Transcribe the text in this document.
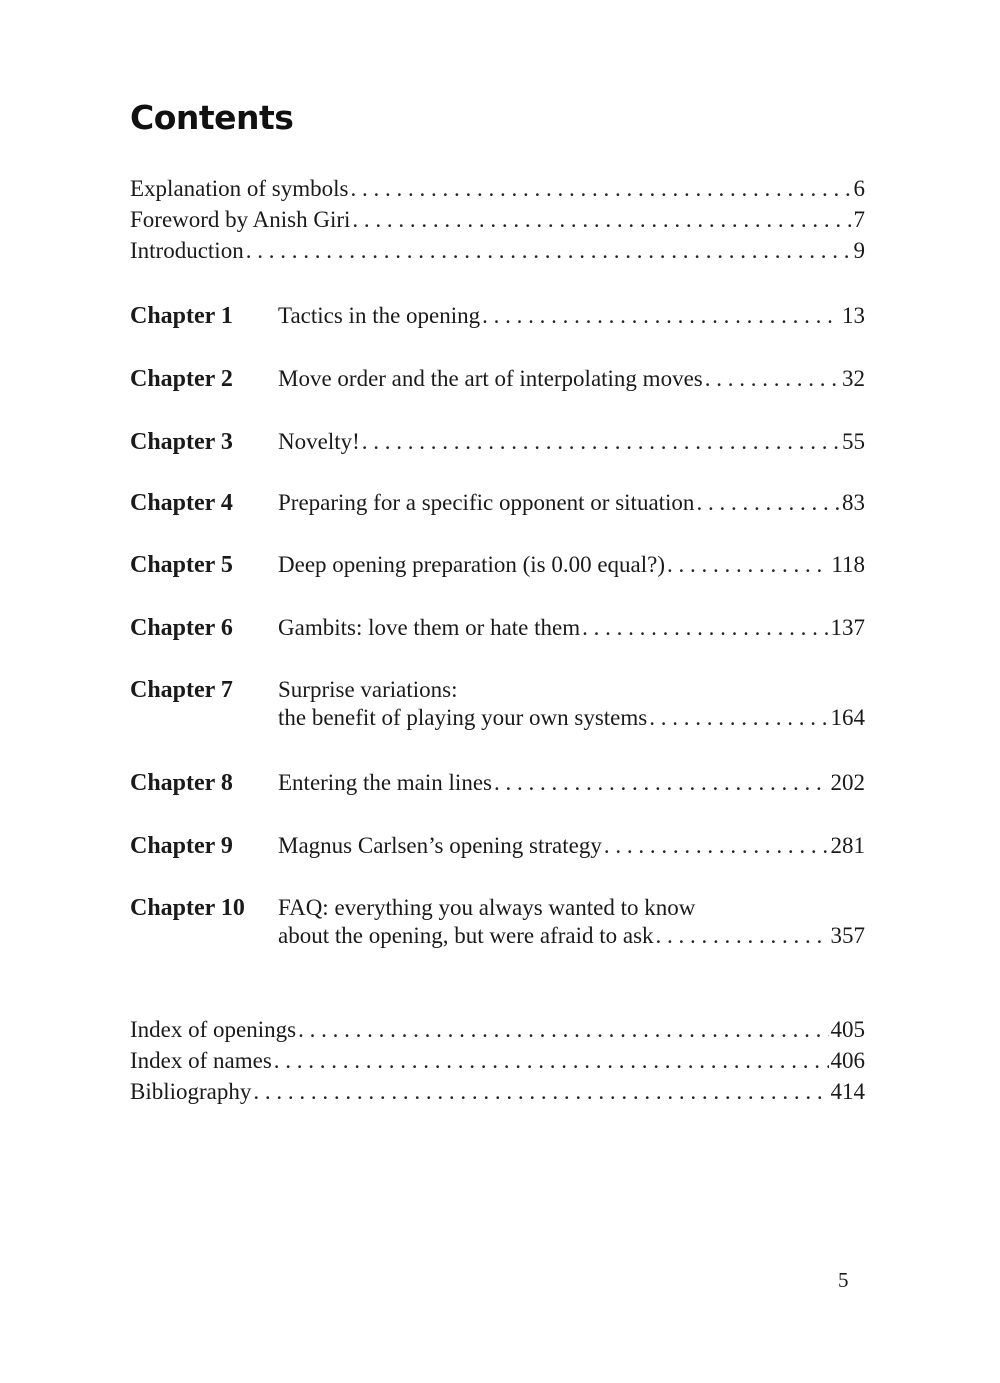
Contents
Explanation of symbols . . .	6
Foreword by Anish Giri . . .	7
Introduction . . .	9
Chapter 1 Tactics in the opening . . .	13
Chapter 2 Move order and the art of interpolating moves . . .	32
Chapter 3 Novelty! . . .	55
Chapter 4 Preparing for a specific opponent or situation . . .	83
Chapter 5 Deep opening preparation (is 0.00 equal?) . . .	118
Chapter 6 Gambits: love them or hate them . . .	137
Chapter 7 Surprise variations:
the benefit of playing your own systems . . .	164
Chapter 8 Entering the main lines . . .	202
Chapter 9 Magnus Carlsen’s opening strategy . . .	281
Chapter 10 FAQ: everything you always wanted to know
about the opening, but were afraid to ask . . .	357
Index of openings . . .	405
Index of names . . .	406
Bibliography . . .	414
5
